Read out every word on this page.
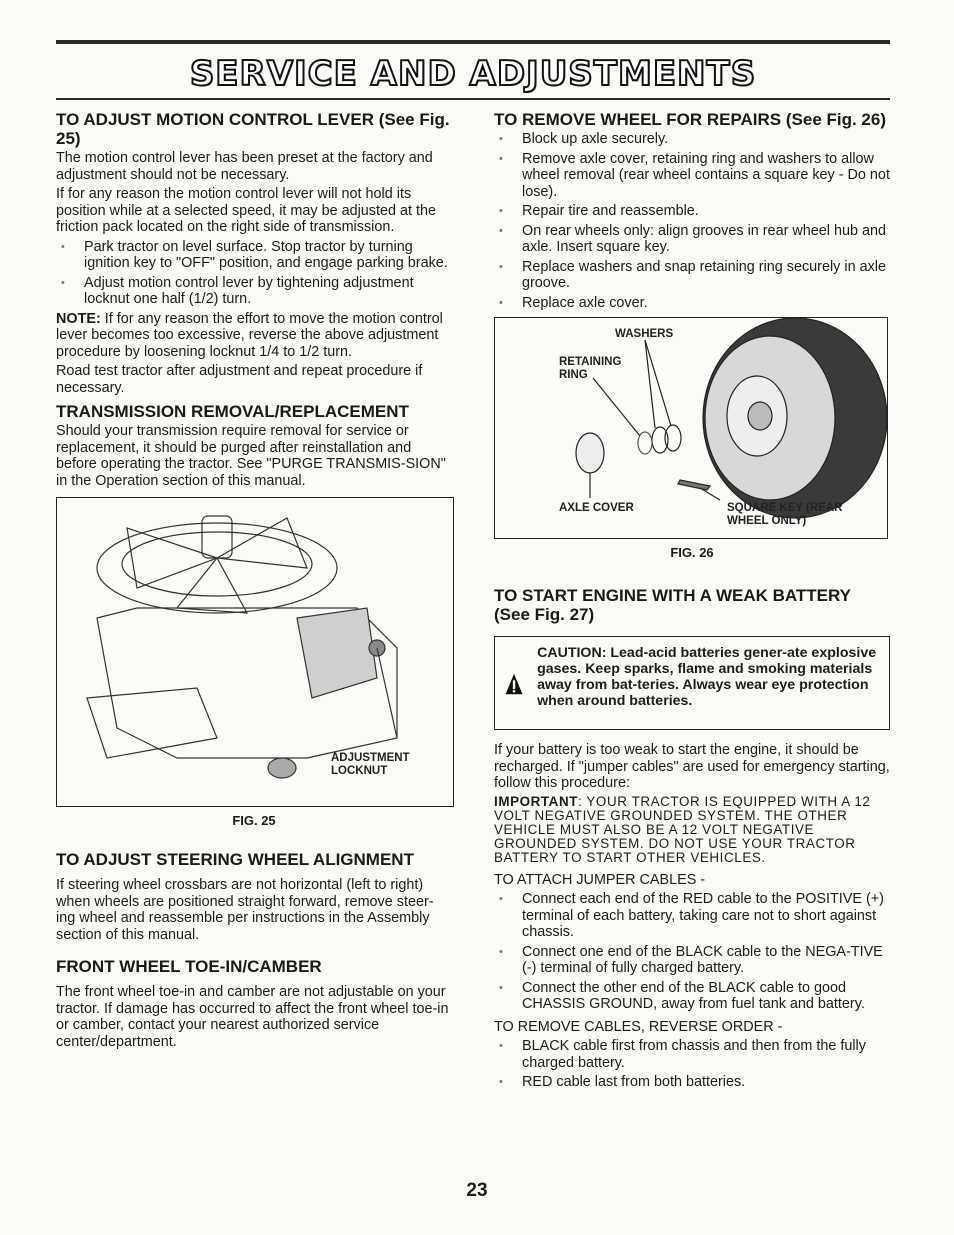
SERVICE AND ADJUSTMENTS
TO ADJUST MOTION CONTROL LEVER (See Fig. 25)

The motion control lever has been preset at the factory and adjustment should not be necessary.

If for any reason the motion control lever will not hold its position while at a selected speed, it may be adjusted at the friction pack located on the right side of transmission.

• Park tractor on level surface. Stop tractor by turning ignition key to "OFF" position, and engage parking brake.
• Adjust motion control lever by tightening adjustment locknut one half (1/2) turn.

NOTE: If for any reason the effort to move the motion control lever becomes too excessive, reverse the above adjustment procedure by loosening locknut 1/4 to 1/2 turn.

Road test tractor after adjustment and repeat procedure if necessary.

TRANSMISSION REMOVAL/REPLACEMENT

Should your transmission require removal for service or replacement, it should be purged after reinstallation and before operating the tractor. See "PURGE TRANSMIS-SION" in the Operation section of this manual.

ADJUSTMENT LOCKNUT
FIG. 25
TO ADJUST STEERING WHEEL ALIGNMENT

If steering wheel crossbars are not horizontal (left to right) when wheels are positioned straight forward, remove steer-ing wheel and reassemble per instructions in the Assembly section of this manual.

FRONT WHEEL TOE-IN/CAMBER

The front wheel toe-in and camber are not adjustable on your tractor. If damage has occurred to affect the front wheel toe-in or camber, contact your nearest authorized service center/department.

TO REMOVE WHEEL FOR REPAIRS (See Fig. 26)
• Block up axle securely.
• Remove axle cover, retaining ring and washers to allow wheel removal (rear wheel contains a square key - Do not lose).
• Repair tire and reassemble.
• On rear wheels only: align grooves in rear wheel hub and axle. Insert square key.
• Replace washers and snap retaining ring securely in axle groove.
• Replace axle cover.
WASHERS
RETAINING RING
AXLE COVER	SQUARE KEY (REAR WHEEL ONLY)
FIG. 26
TO START ENGINE WITH A WEAK BATTERY (See Fig. 27)
CAUTION: Lead-acid batteries gener-ate explosive gases. Keep sparks, flame and smoking materials away from bat-teries. Always wear eye protection when around batteries.

If your battery is too weak to start the engine, it should be recharged. If "jumper cables" are used for emergency starting, follow this procedure:

IMPORTANT: YOUR TRACTOR IS EQUIPPED WITH A 12 VOLT NEGATIVE GROUNDED SYSTEM. THE OTHER VEHICLE MUST ALSO BE A 12 VOLT NEGATIVE GROUNDED SYSTEM. DO NOT USE YOUR TRACTOR BATTERY TO START OTHER VEHICLES.

TO ATTACH JUMPER CABLES -

• Connect each end of the RED cable to the POSITIVE (+) terminal of each battery, taking care not to short against chassis.
• Connect one end of the BLACK cable to the NEGA-TIVE (-) terminal of fully charged battery.
• Connect the other end of the BLACK cable to good CHASSIS GROUND, away from fuel tank and battery.

TO REMOVE CABLES, REVERSE ORDER -

• BLACK cable first from chassis and then from the fully charged battery.
• RED cable last from both batteries.
23
